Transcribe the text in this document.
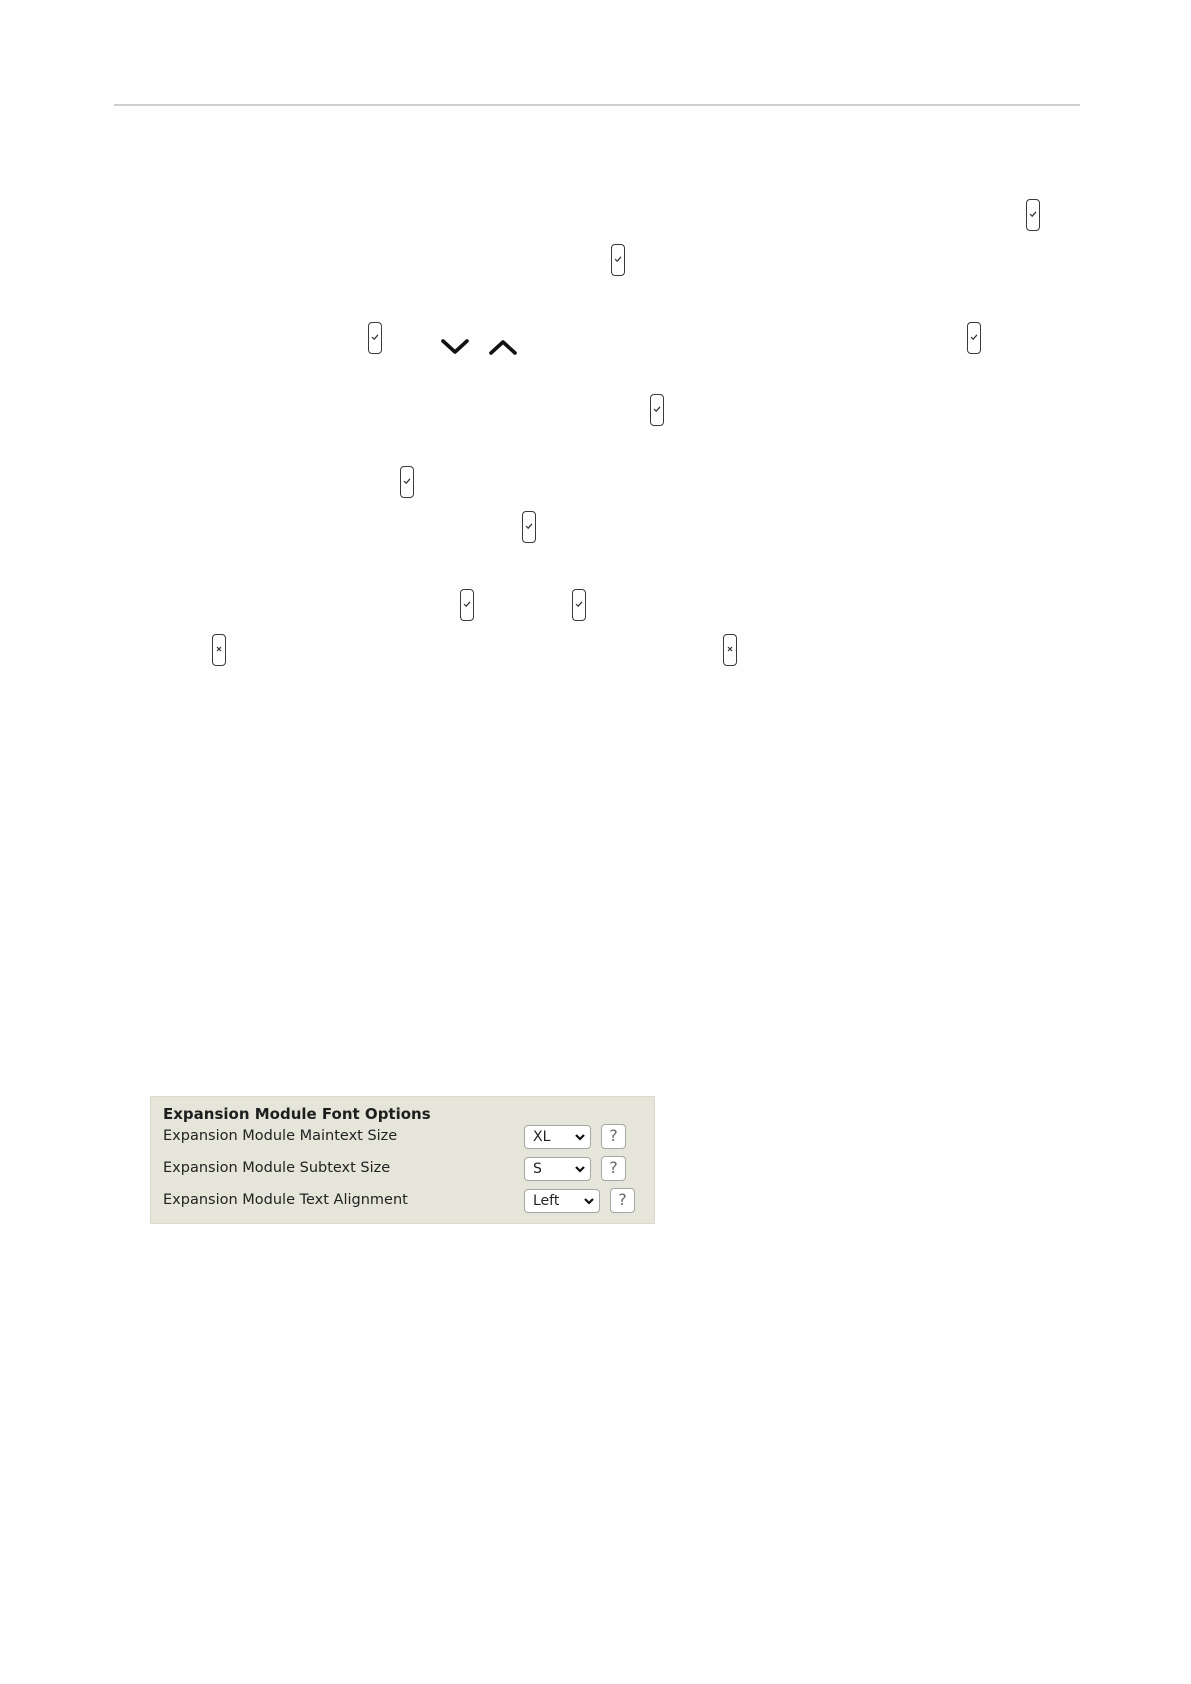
Expansion Module Font Options
Expansion Module Maintext Size	XL	?
Expansion Module Subtext Size	S	?
Expansion Module Text Alignment	Left	?
